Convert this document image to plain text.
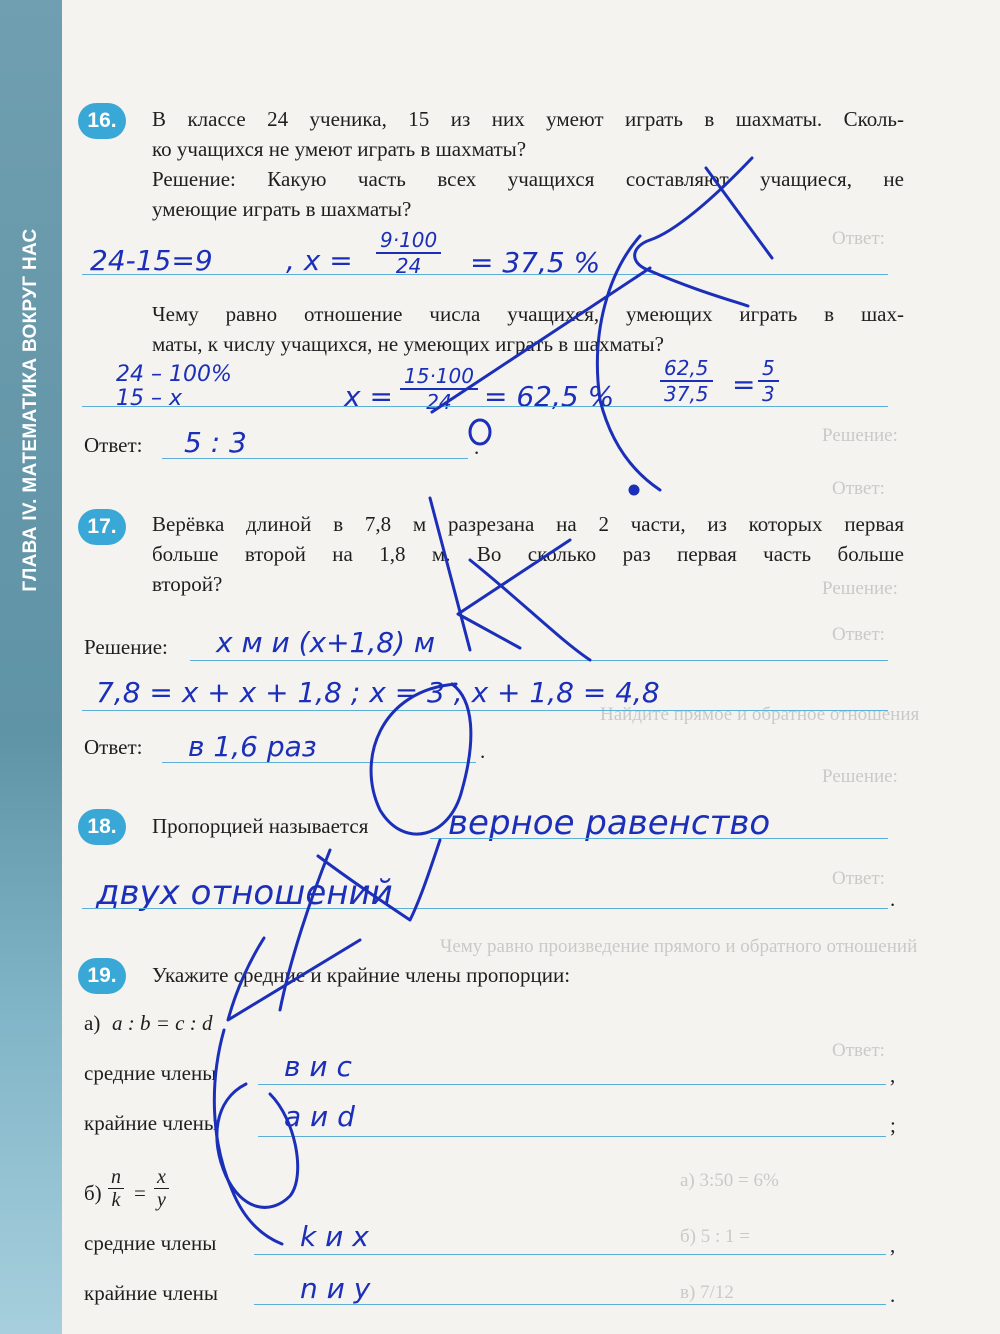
ГЛАВА IV. МАТЕМАТИКА ВОКРУГ НАС	Ответ:
Решение:
Ответ:
Решение:
Ответ:
Найдите прямое и обратное отношения
Решение:
Ответ:
Чему равно произведение прямого и обратного отношений
Ответ:
а) 3:50 = 6%
б) 5 : 1 =
в) 7/12
16.	В классе 24 ученика, 15 из них умеют играть в шахматы. Сколь-
ко учащихся не умеют играть в шахматы?
Решение: Какую часть всех учащихся составляют учащиеся, не
умеющие играть в шахматы?
24-15=9	, $x = \frac{9\cdot 100}{24} = 37,5$ %
Чему равно отношение числа учащихся, умеющих играть в шах-
маты, к числу учащихся, не умеющих играть в шахматы?
24 – 100%
15 – x	$x = \frac{15\cdot 100}{24} = 62,5$ % $\frac{62,5}{37,5} = \frac{5}{3}$
Ответ: 5 : 3	.
17.	Верёвка длиной в 7,8 м разрезана на 2 части, из которых первая
больше второй на 1,8 м. Во сколько раз первая часть больше
второй?
Решение: x м и (x+1,8) м
7,8 = x + x + 1,8 ; x = 3 , x + 1,8 = 4,8
Ответ: в 1,6 раз	.
18.	Пропорцией называется верное равенство
двух отношений	.
19.	Укажите средние и крайние члены пропорции:
а) a : b = c : d
средние члены в и с	,
крайние члены a и d	;
$б) \frac{n}{k} = \frac{x}{y}$
средние члены	k и x	,
крайние члены	n и y	.
